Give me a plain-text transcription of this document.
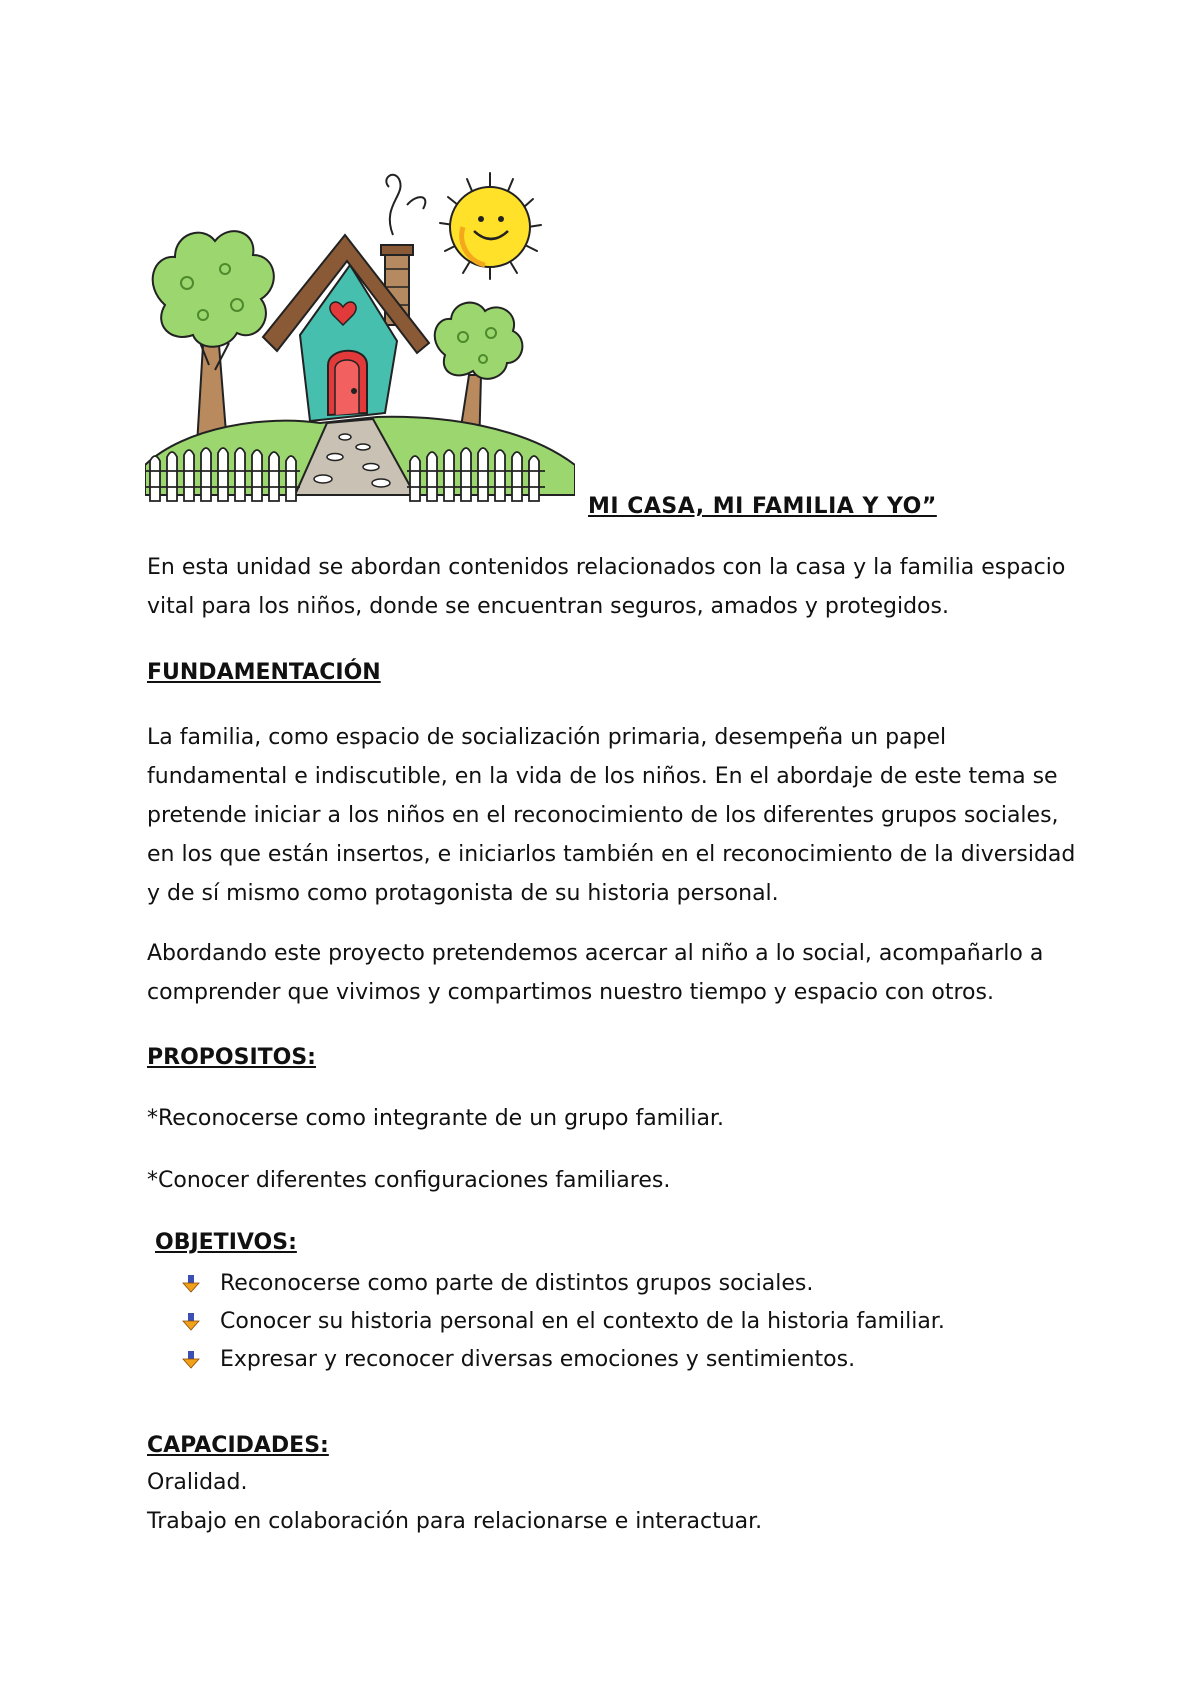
MI CASA, MI FAMILIA Y YO”

En esta unidad se abordan contenidos relacionados con la casa y la familia espacio vital para los niños, donde se encuentran seguros, amados y protegidos.

FUNDAMENTACIÓN

La familia, como espacio de socialización primaria, desempeña un papel fundamental e indiscutible, en la vida de los niños. En el abordaje de este tema se pretende iniciar a los niños en el reconocimiento de los diferentes grupos sociales, en los que están insertos, e iniciarlos también en el reconocimiento de la diversidad y de sí mismo como protagonista de su historia personal.

Abordando este proyecto pretendemos acercar al niño a lo social, acompañarlo a comprender que vivimos y compartimos nuestro tiempo y espacio con otros.

PROPOSITOS:

*Reconocerse como integrante de un grupo familiar.

*Conocer diferentes configuraciones familiares.

OBJETIVOS:
Reconocerse como parte de distintos grupos sociales.
Conocer su historia personal en el contexto de la historia familiar.
Expresar y reconocer diversas emociones y sentimientos.
CAPACIDADES:

Oralidad.

Trabajo en colaboración para relacionarse e interactuar.
